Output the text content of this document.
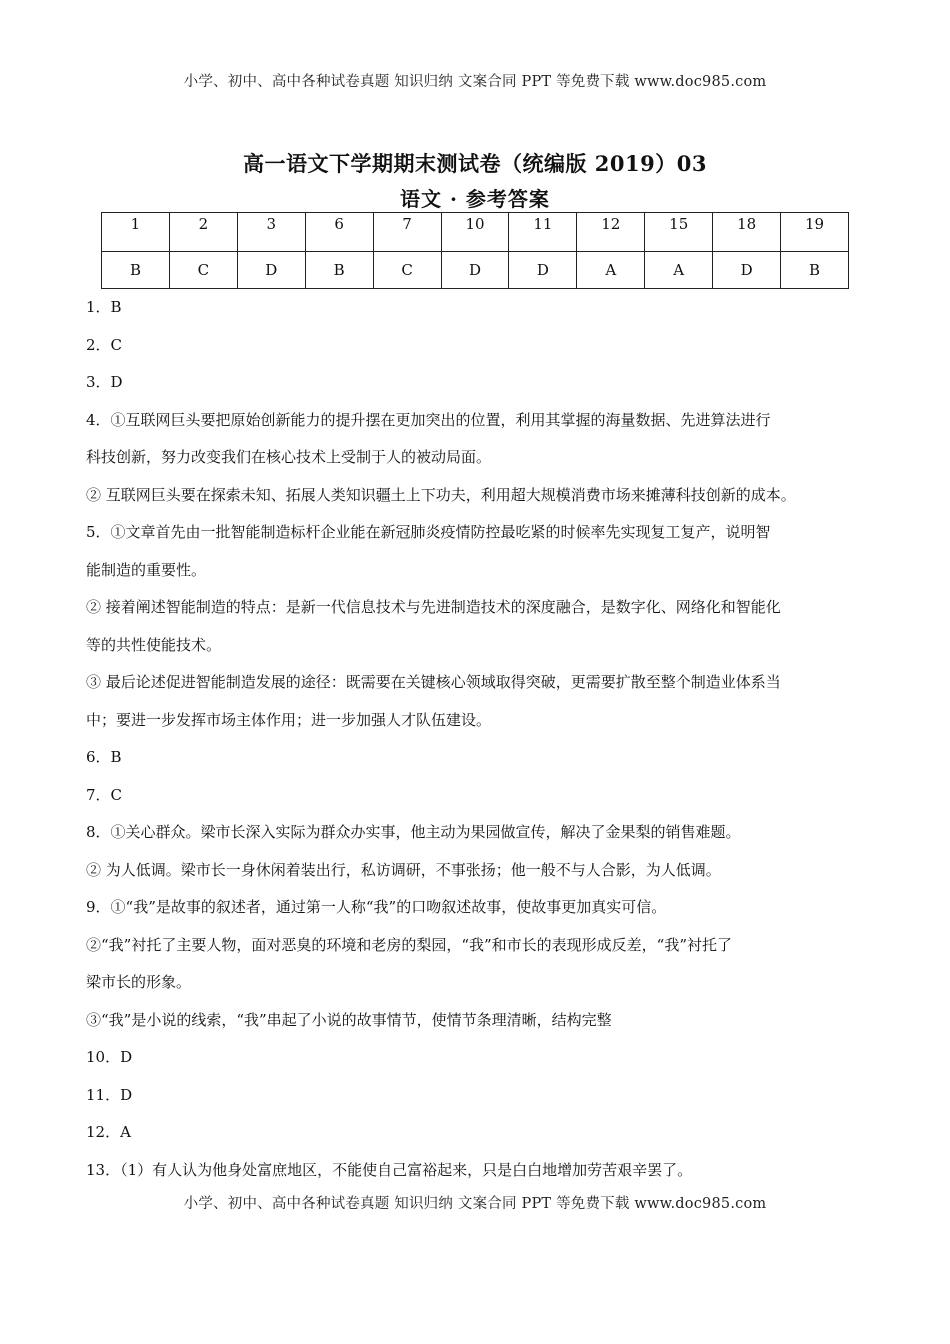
小学、初中、高中各种试卷真题 知识归纳 文案合同 PPT 等免费下载 www.doc985.com
高一语文下学期期末测试卷（统编版 2019）03
语文 · 参考答案
1	2	3	6	7	10	11	12	15	18	19
B	C	D	B	C	D	D	A	A	D	B

1．B

2．C

3．D

4．①互联网巨头要把原始创新能力的提升摆在更加突出的位置，利用其掌握的海量数据、先进算法进行

科技创新，努力改变我们在核心技术上受制于人的被动局面。

② 互联网巨头要在探索未知、拓展人类知识疆土上下功夫，利用超大规模消费市场来摊薄科技创新的成本。

5．①文章首先由一批智能制造标杆企业能在新冠肺炎疫情防控最吃紧的时候率先实现复工复产，说明智

能制造的重要性。

② 接着阐述智能制造的特点：是新一代信息技术与先进制造技术的深度融合，是数字化、网络化和智能化

等的共性使能技术。

③ 最后论述促进智能制造发展的途径：既需要在关键核心领域取得突破，更需要扩散至整个制造业体系当

中；要进一步发挥市场主体作用；进一步加强人才队伍建设。

6．B

7．C

8．①关心群众。梁市长深入实际为群众办实事，他主动为果园做宣传，解决了金果梨的销售难题。

② 为人低调。梁市长一身休闲着装出行，私访调研，不事张扬；他一般不与人合影，为人低调。

9．①“我”是故事的叙述者，通过第一人称“我”的口吻叙述故事，使故事更加真实可信。

②“我”衬托了主要人物，面对恶臭的环境和老房的梨园，“我”和市长的表现形成反差，“我”衬托了

梁市长的形象。

③“我”是小说的线索，“我”串起了小说的故事情节，使情节条理清晰，结构完整

10．D

11．D

12．A

13．（1）有人认为他身处富庶地区，不能使自己富裕起来，只是白白地增加劳苦艰辛罢了。

小学、初中、高中各种试卷真题 知识归纳 文案合同 PPT 等免费下载 www.doc985.com
